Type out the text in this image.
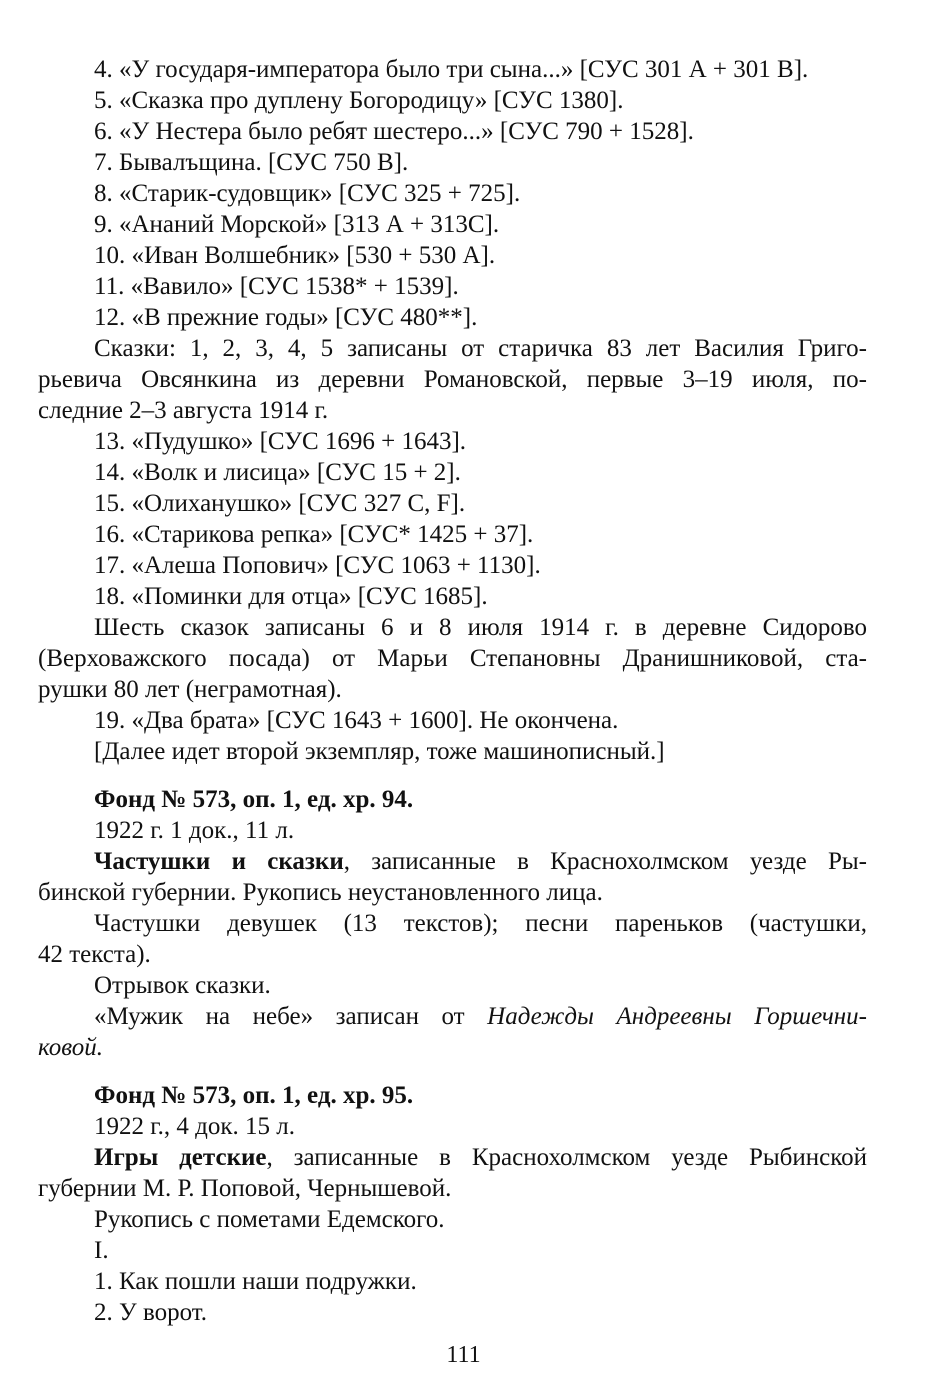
4. «У государя-императора было три сына...» [СУС 301 А + 301 В].
5. «Сказка про дуплену Богородицу» [СУС 1380].
6. «У Нестера было ребят шестеро...» [СУС 790 + 1528].
7. Бывалъщина. [СУС 750 В].
8. «Старик-судовщик» [СУС 325 + 725].
9. «Ананий Морской» [313 А + 313С].
10. «Иван Волшебник» [530 + 530 А].
11. «Вавило» [СУС 1538* + 1539].
12. «В прежние годы» [СУС 480**].
Сказки: 1, 2, 3, 4, 5 записаны от старичка 83 лет Василия Григо-
рьевича Овсянкина из деревни Романовской, первые 3–19 июля, по-
следние 2–3 августа 1914 г.
13. «Пудушко» [СУС 1696 + 1643].
14. «Волк и лисица» [СУС 15 + 2].
15. «Олиханушко» [СУС 327 С, F].
16. «Старикова репка» [СУС* 1425 + 37].
17. «Алеша Попович» [СУС 1063 + 1130].
18. «Поминки для отца» [СУС 1685].
Шесть сказок записаны 6 и 8 июля 1914 г. в деревне Сидорово
(Верховажского посада) от Марьи Степановны Дранишниковой, ста-
рушки 80 лет (неграмотная).
19. «Два брата» [СУС 1643 + 1600]. Не окончена.
[Далее идет второй экземпляр, тоже машинописный.]
Фонд № 573, оп. 1, ед. хр. 94.
1922 г. 1 док., 11 л.
Частушки и сказки, записанные в Краснохолмском уезде Ры-
бинской губернии. Рукопись неустановленного лица.
Частушки девушек (13 текстов); песни пареньков (частушки,
42 текста).
Отрывок сказки.
«Мужик на небе» записан от Надежды Андреевны Горшечни-
ковой.
Фонд № 573, оп. 1, ед. хр. 95.
1922 г., 4 док. 15 л.
Игры детские, записанные в Краснохолмском уезде Рыбинской
губернии М. Р. Поповой, Чернышевой.
Рукопись с пометами Едемского.
I.
1. Как пошли наши подружки.
2. У ворот.
111
